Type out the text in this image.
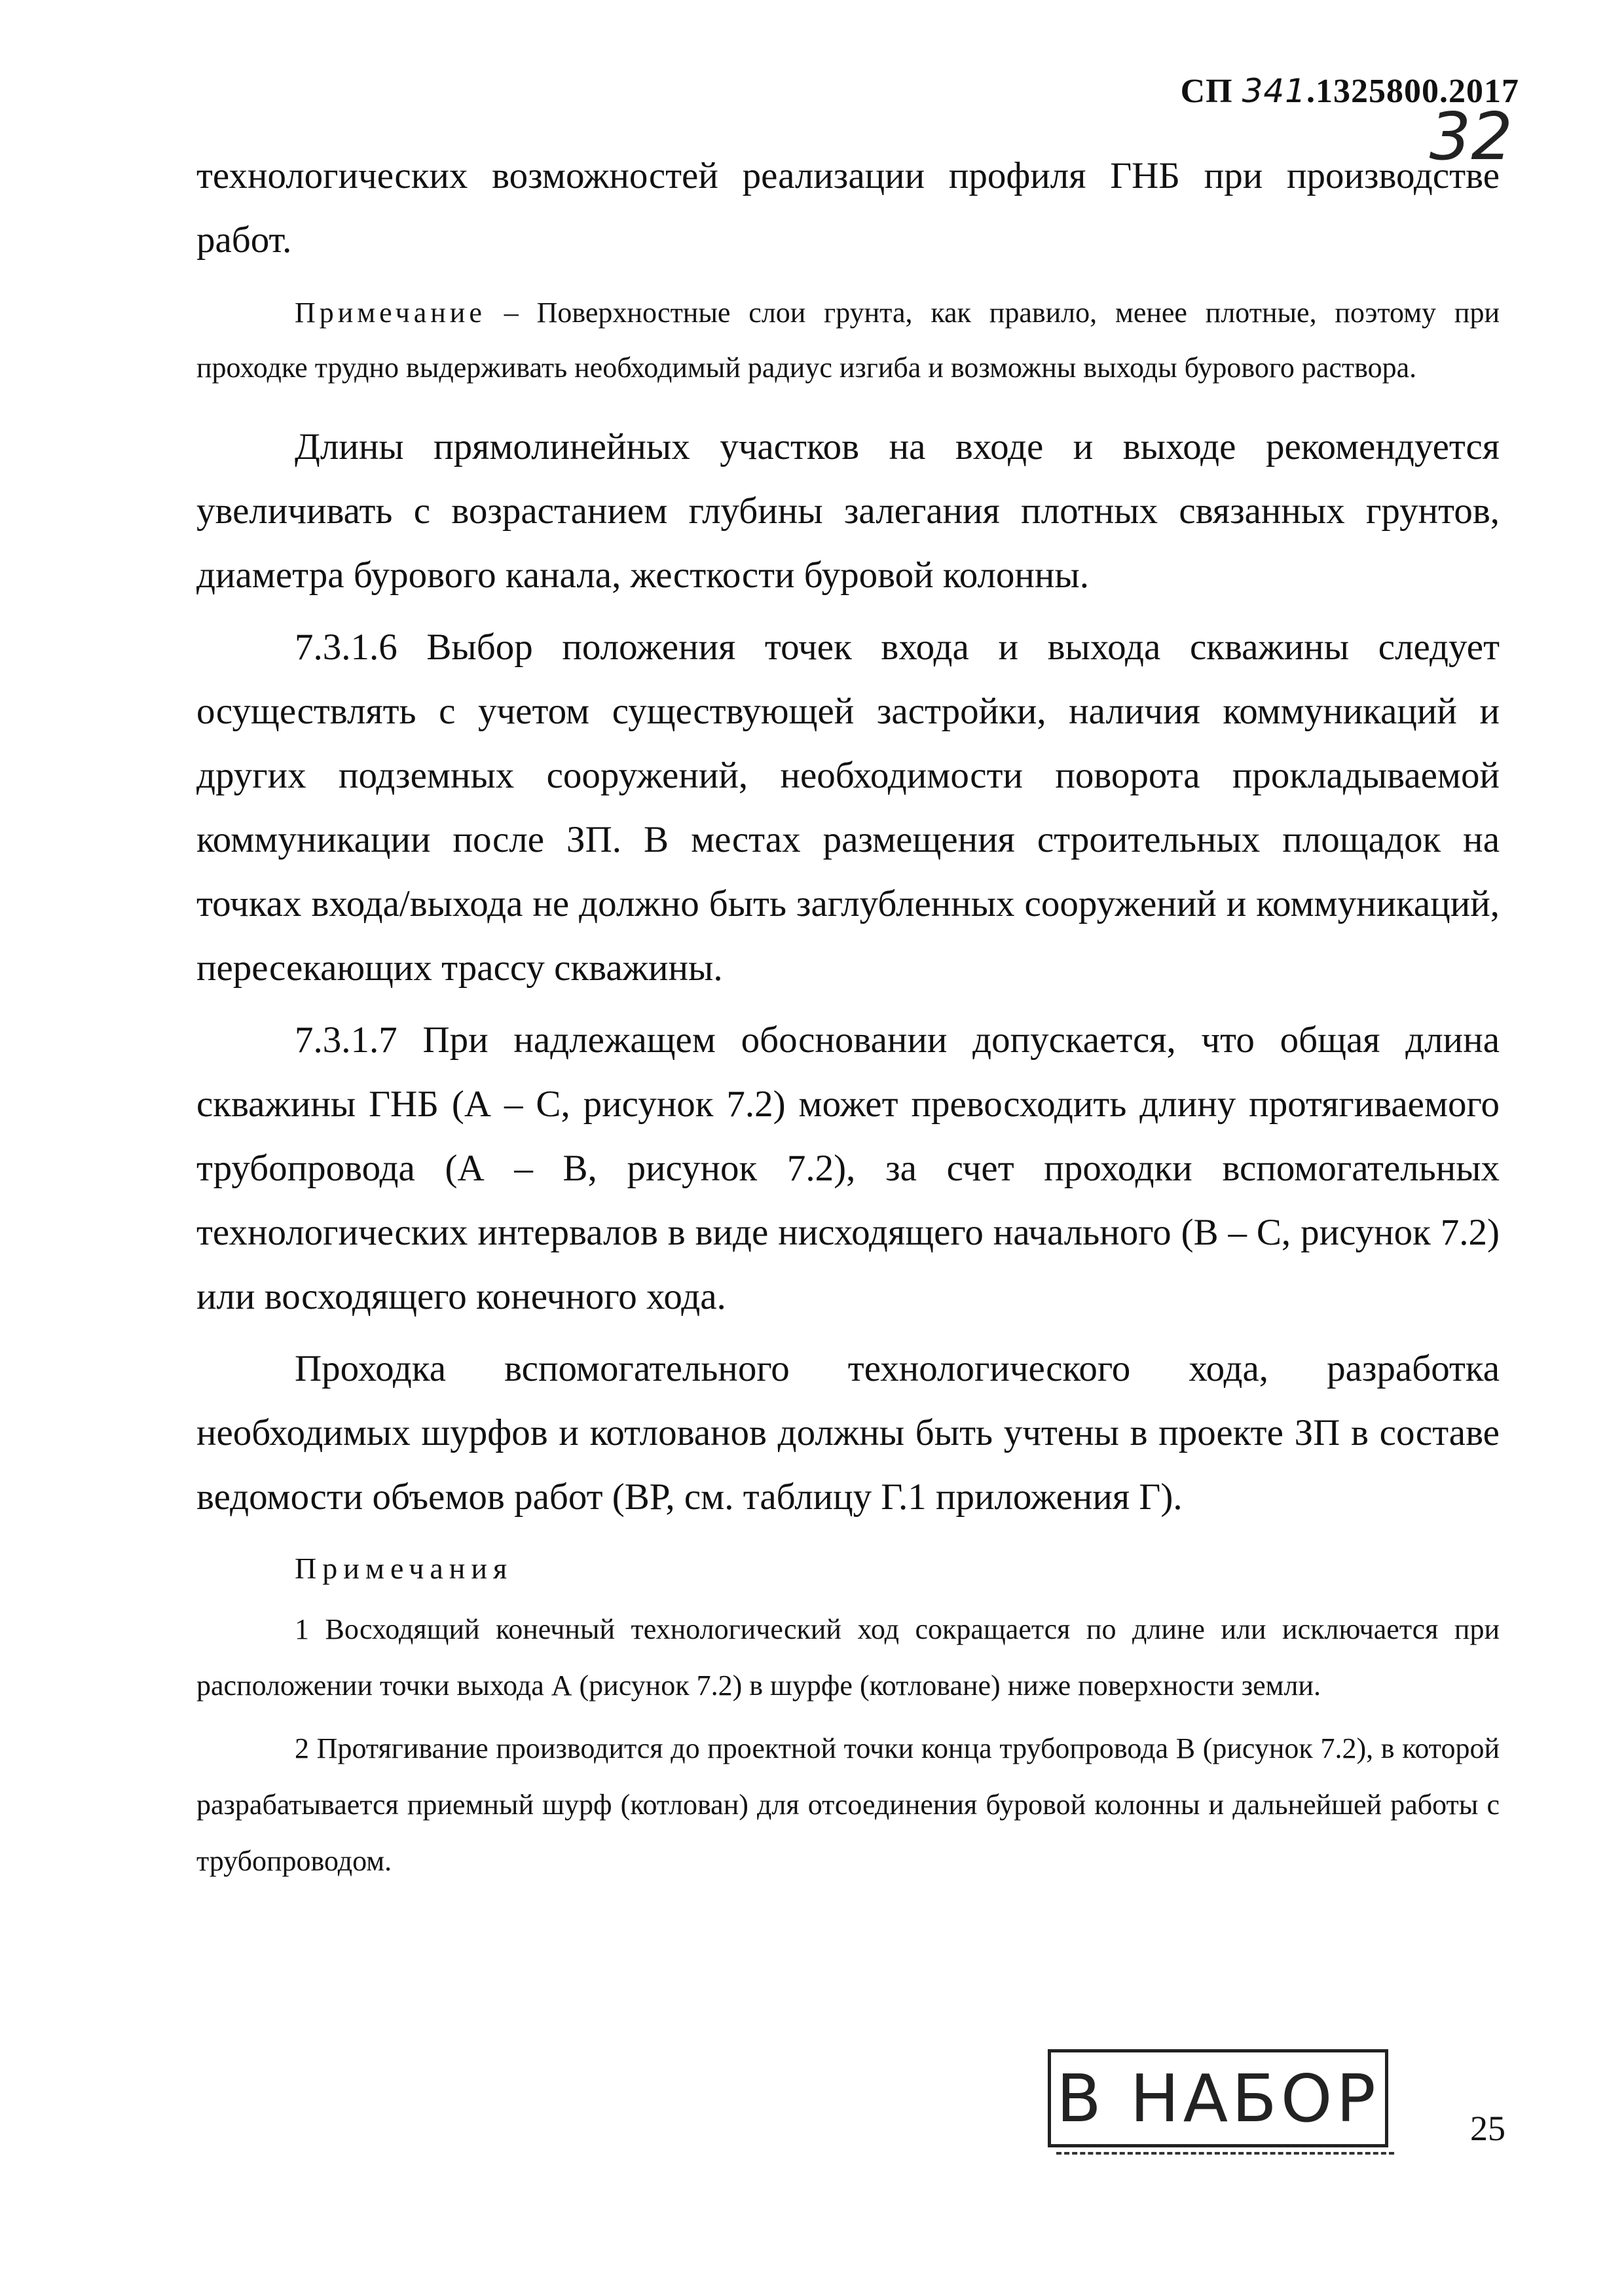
СП 341.1325800.2017
32

технологических возможностей реализации профиля ГНБ при производстве работ.

Примечание – Поверхностные слои грунта, как правило, менее плотные, поэтому при проходке трудно выдерживать необходимый радиус изгиба и возможны выходы бурового раствора.

Длины прямолинейных участков на входе и выходе рекомендуется увеличивать с возрастанием глубины залегания плотных связанных грунтов, диаметра бурового канала, жесткости буровой колонны.

7.3.1.6 Выбор положения точек входа и выхода скважины следует осуществлять с учетом существующей застройки, наличия коммуникаций и других подземных сооружений, необходимости поворота прокладываемой коммуникации после ЗП. В местах размещения строительных площадок на точках входа/выхода не должно быть заглубленных сооружений и коммуникаций, пересекающих трассу скважины.

7.3.1.7 При надлежащем обосновании допускается, что общая длина скважины ГНБ (А – С, рисунок 7.2) может превосходить длину протягиваемого трубопровода (А – В, рисунок 7.2), за счет проходки вспомогательных технологических интервалов в виде нисходящего начального (В – С, рисунок 7.2) или восходящего конечного хода.

Проходка вспомогательного технологического хода, разработка необходимых шурфов и котлованов должны быть учтены в проекте ЗП в составе ведомости объемов работ (ВР, см. таблицу Г.1 приложения Г).

Примечания

1 Восходящий конечный технологический ход сокращается по длине или исключается при расположении точки выхода А (рисунок 7.2) в шурфе (котловане) ниже поверхности земли.

2 Протягивание производится до проектной точки конца трубопровода В (рисунок 7.2), в которой разрабатывается приемный шурф (котлован) для отсоединения буровой колонны и дальнейшей работы с трубопроводом.

В НАБОР	25
